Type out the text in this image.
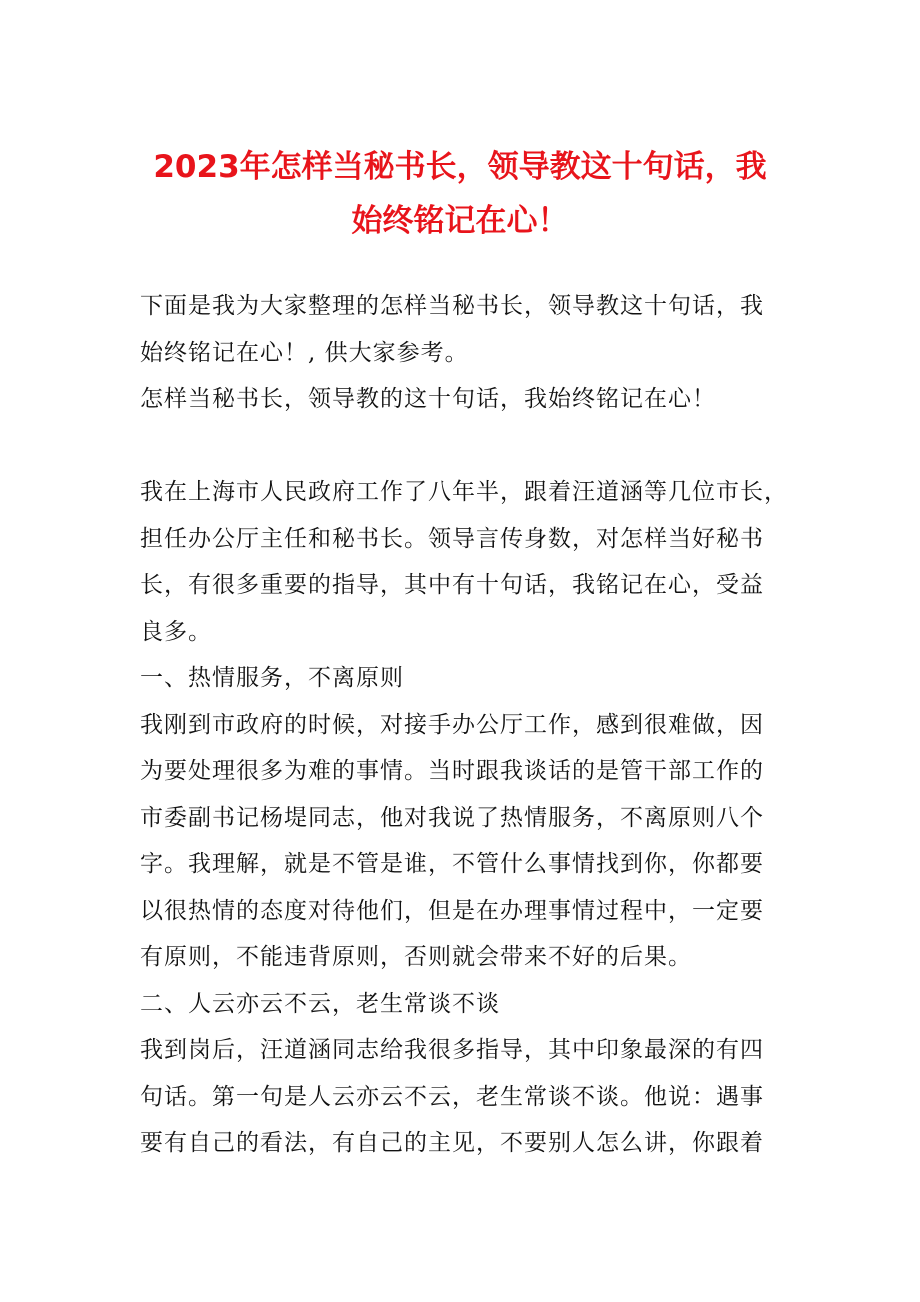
2023年怎样当秘书长，领导教这十句话，我
始终铭记在心！

下面是我为大家整理的怎样当秘书长，领导教这十句话，我

始终铭记在心！, 供大家参考。

怎样当秘书长，领导教的这十句话，我始终铭记在心！

我在上海市人民政府工作了八年半，跟着汪道涵等几位市长，

担任办公厅主任和秘书长。领导言传身数，对怎样当好秘书

长，有很多重要的指导，其中有十句话，我铭记在心，受益

良多。

一、热情服务，不离原则

我刚到市政府的时候，对接手办公厅工作，感到很难做，因

为要处理很多为难的事情。当时跟我谈话的是管干部工作的

市委副书记杨堤同志，他对我说了热情服务，不离原则八个

字。我理解，就是不管是谁，不管什么事情找到你，你都要

以很热情的态度对待他们，但是在办理事情过程中，一定要

有原则，不能违背原则，否则就会带来不好的后果。

二、人云亦云不云，老生常谈不谈

我到岗后，汪道涵同志给我很多指导，其中印象最深的有四

句话。第一句是人云亦云不云，老生常谈不谈。他说：遇事

要有自己的看法，有自己的主见，不要别人怎么讲，你跟着
